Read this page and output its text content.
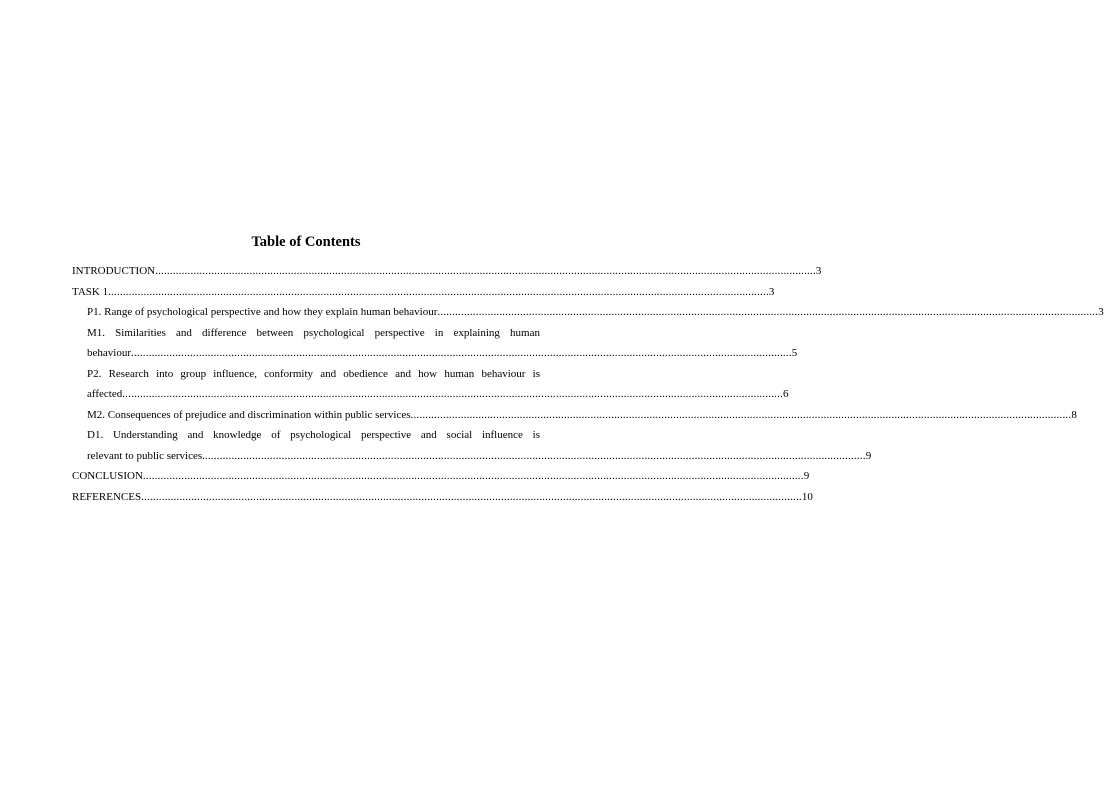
Table of Contents
INTRODUCTION ................................................................................................................................................................................................................................ 3
TASK 1 ................................................................................................................................................................................................................................ 3
P1. Range of psychological perspective and how they explain human behaviour ................................................................................................................................................................................................................................ 3
M1. Similarities and difference between psychological perspective in explaining human
behaviour ................................................................................................................................................................................................................................ 5
P2. Research into group influence, conformity and obedience and how human behaviour is
affected ................................................................................................................................................................................................................................ 6
M2. Consequences of prejudice and discrimination within public services ................................................................................................................................................................................................................................ 8
D1. Understanding and knowledge of psychological perspective and social influence is
relevant to public services. ................................................................................................................................................................................................................................ 9
CONCLUSION ................................................................................................................................................................................................................................ 9
REFERENCES ................................................................................................................................................................................................................................ 10
